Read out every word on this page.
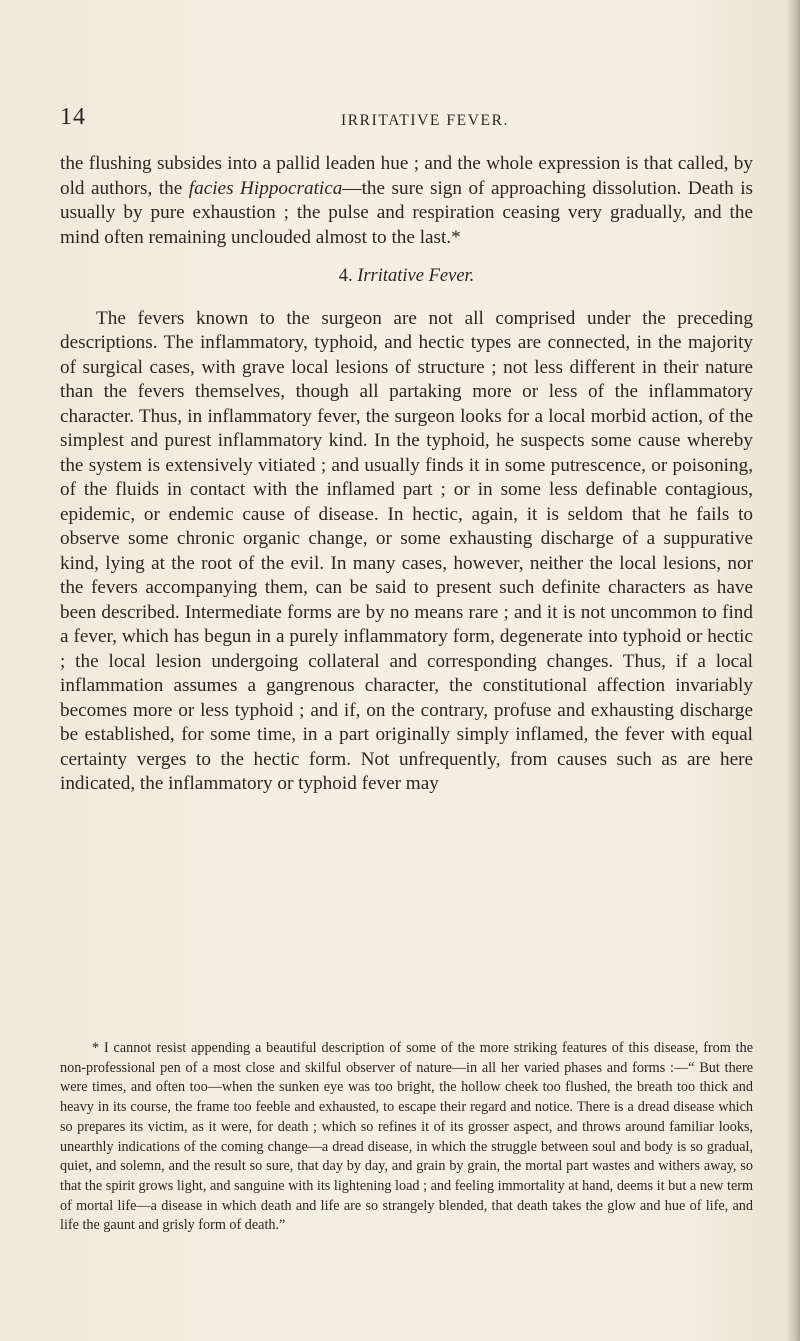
14	IRRITATIVE FEVER.

the flushing subsides into a pallid leaden hue ; and the whole expression is that called, by old authors, the facies Hippocratica—the sure sign of approaching dissolution. Death is usually by pure exhaustion ; the pulse and respiration ceasing very gradually, and the mind often remaining unclouded almost to the last.*

4. Irritative Fever.

The fevers known to the surgeon are not all comprised under the preceding descriptions. The inflammatory, typhoid, and hectic types are connected, in the majority of surgical cases, with grave local lesions of structure ; not less different in their nature than the fevers themselves, though all partaking more or less of the inflammatory character. Thus, in inflammatory fever, the surgeon looks for a local morbid action, of the simplest and purest inflammatory kind. In the typhoid, he suspects some cause whereby the system is extensively vitiated ; and usually finds it in some putrescence, or poisoning, of the fluids in contact with the inflamed part ; or in some less definable contagious, epidemic, or endemic cause of disease. In hectic, again, it is seldom that he fails to observe some chronic organic change, or some exhausting discharge of a suppurative kind, lying at the root of the evil. In many cases, however, neither the local lesions, nor the fevers accompanying them, can be said to present such definite characters as have been described. Intermediate forms are by no means rare ; and it is not uncommon to find a fever, which has begun in a purely inflammatory form, degenerate into typhoid or hectic ; the local lesion undergoing collateral and corresponding changes. Thus, if a local inflammation assumes a gangrenous character, the constitutional affection invariably becomes more or less typhoid ; and if, on the contrary, profuse and exhausting discharge be established, for some time, in a part originally simply inflamed, the fever with equal certainty verges to the hectic form. Not unfrequently, from causes such as are here indicated, the inflammatory or typhoid fever may

* I cannot resist appending a beautiful description of some of the more striking features of this disease, from the non-professional pen of a most close and skilful observer of nature—in all her varied phases and forms :—“ But there were times, and often too—when the sunken eye was too bright, the hollow cheek too flushed, the breath too thick and heavy in its course, the frame too feeble and exhausted, to escape their regard and notice. There is a dread disease which so prepares its victim, as it were, for death ; which so refines it of its grosser aspect, and throws around familiar looks, unearthly indications of the coming change—a dread disease, in which the struggle between soul and body is so gradual, quiet, and solemn, and the result so sure, that day by day, and grain by grain, the mortal part wastes and withers away, so that the spirit grows light, and sanguine with its lightening load ; and feeling immortality at hand, deems it but a new term of mortal life—a disease in which death and life are so strangely blended, that death takes the glow and hue of life, and life the gaunt and grisly form of death.”
